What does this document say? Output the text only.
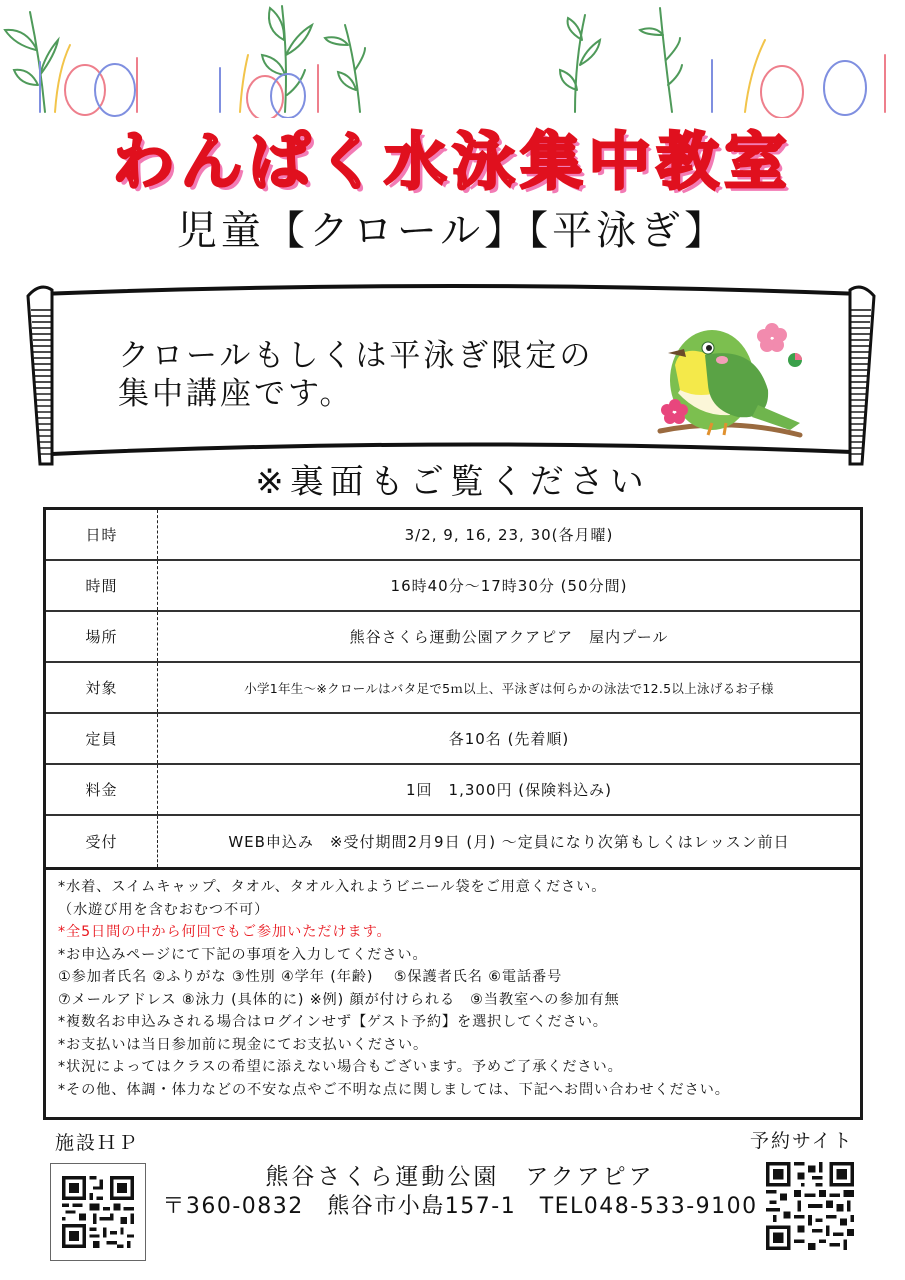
わんぱく水泳集中教室
児童【クロール】【平泳ぎ】
クロールもしくは平泳ぎ限定の
集中講座です。
※裏面もご覧ください
日時	3/2, 9, 16, 23, 30(各月曜)
時間	16時40分～17時30分 (50分間)
場所	熊谷さくら運動公園アクアピア　屋内プール
対象	小学1年生～※クロールはバタ足で5ｍ以上、平泳ぎは何らかの泳法で12.5以上泳げるお子様
定員	各10名 (先着順)
料金	1回　1,300円 (保険料込み)
受付	WEB申込み　※受付期間2月9日 (月) ～定員になり次第もしくはレッスン前日
*水着、スイムキャップ、タオル、タオル入れようビニール袋をご用意ください。
（水遊び用を含むおむつ不可）
*全5日間の中から何回でもご参加いただけます。
*お申込みページにて下記の事項を入力してください。
①参加者氏名 ②ふりがな ③性別 ④学年 (年齢)　 ⑤保護者氏名 ⑥電話番号
⑦メールアドレス ⑧泳力 (具体的に) ※例) 顔が付けられる　⑨当教室への参加有無
*複数名お申込みされる場合はログインせず【ゲスト予約】を選択してください。
*お支払いは当日参加前に現金にてお支払いください。
*状況によってはクラスの希望に添えない場合もございます。予めご了承ください。
*その他、体調・体力などの不安な点やご不明な点に関しましては、下記へお問い合わせください。
施設ＨＰ	予約サイト
熊谷さくら運動公園　アクアピア
〒360-0832　熊谷市小島157-1　TEL048-533-9100
